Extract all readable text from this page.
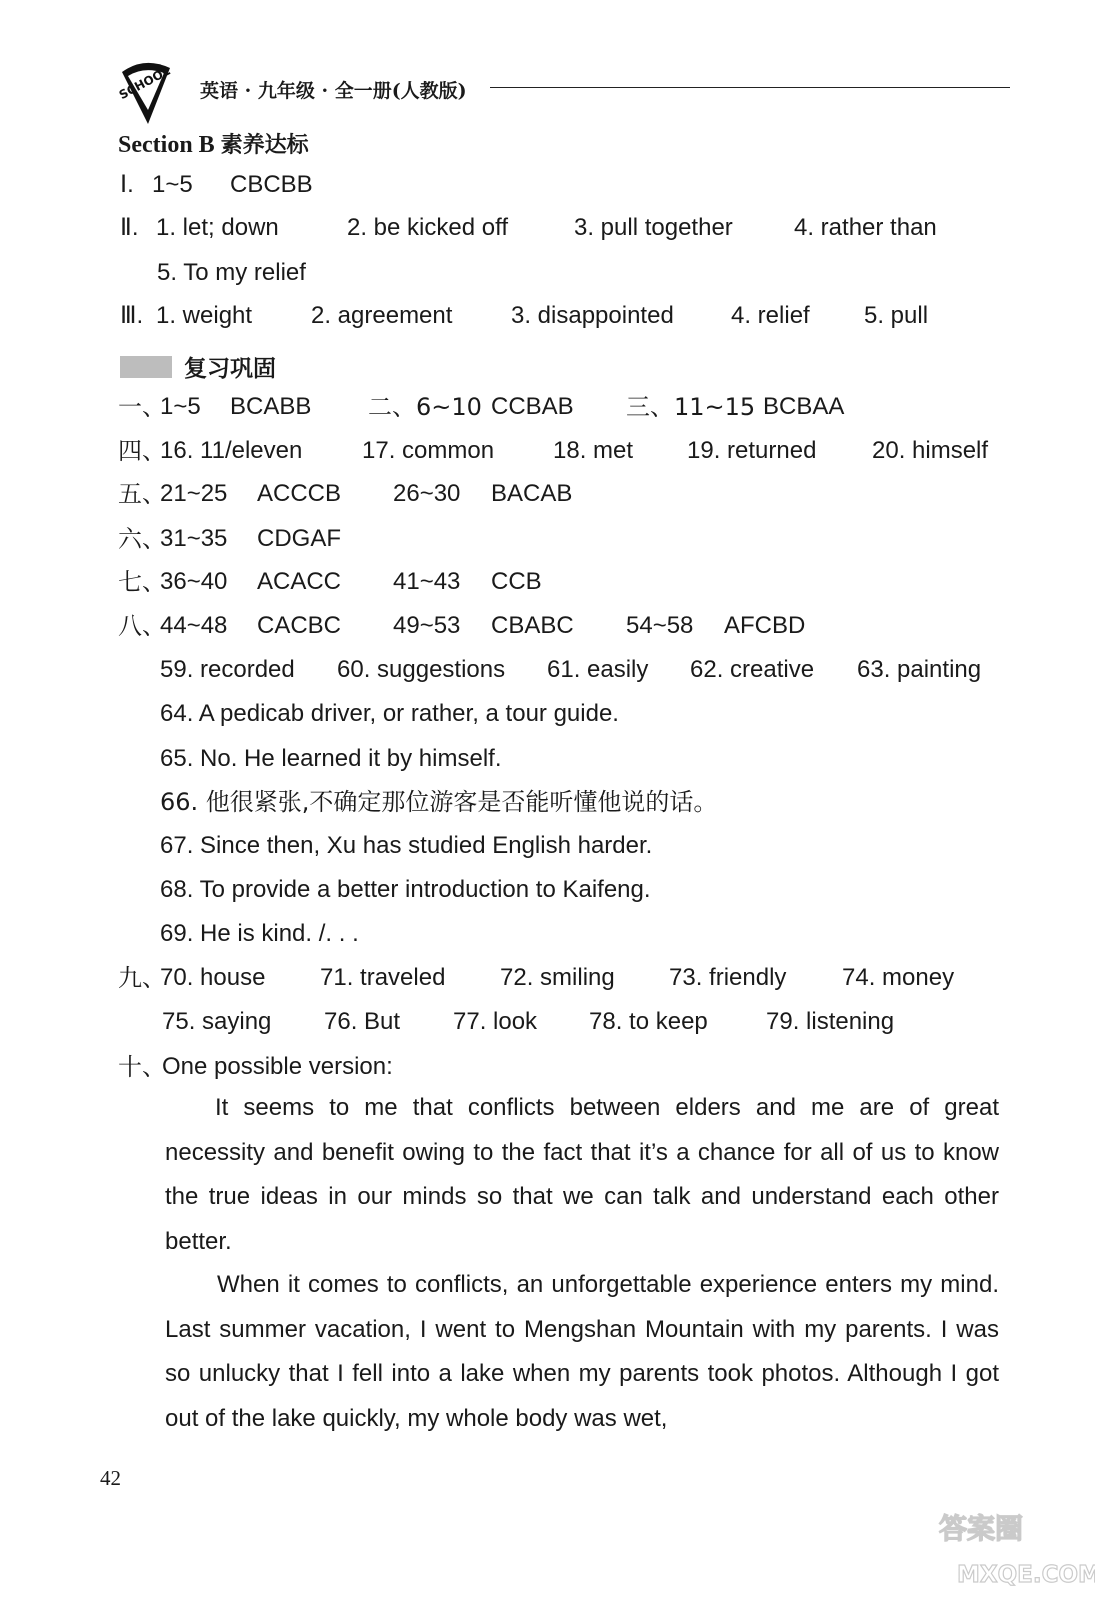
SCHOOL 英语 · 九年级 · 全一册(人教版)
Section B 素养达标
Ⅰ. 1~5 CBCBB
Ⅱ. 1. let; down	2. be kicked off	3. pull together	4. rather than
5. To my relief
Ⅲ. 1. weight 2. agreement 3. disappointed 4. relief 5. pull
复习巩固
一、
1~5 BCABB 二、6~10 CCBAB 三、11~15 BCBAA
四、
16. 11/eleven 17. common 18. met 19. returned 20. himself
五、
21~25 ACCCB 26~30 BACAB
六、
31~35 CDGAF
七、
36~40 ACACC 41~43 CCB
八、
44~48 CACBC 49~53 CBABC 54~58 AFCBD
59. recorded 60. suggestions 61. easily 62. creative 63. painting
64. A pedicab driver, or rather, a tour guide.
65. No. He learned it by himself.
66. 他很紧张,不确定那位游客是否能听懂他说的话。
67. Since then, Xu has studied English harder.
68. To provide a better introduction to Kaifeng.
69. He is kind. /. . .
九、
70. house 71. traveled 72. smiling 73. friendly 74. money
75. saying 76. But 77. look 78. to keep 79. listening
十、
One possible version:

It seems to me that conflicts between elders and me are of great necessity and benefit owing to the fact that it’s a chance for all of us to know the true ideas in our minds so that we can talk and understand each other better.

When it comes to conflicts, an unforgettable experience enters my mind. Last summer vacation, I went to Mengshan Mountain with my parents. I was so unlucky that I fell into a lake when my parents took photos. Although I got out of the lake quickly, my whole body was wet,

42
答案圈
MXQE.COM
